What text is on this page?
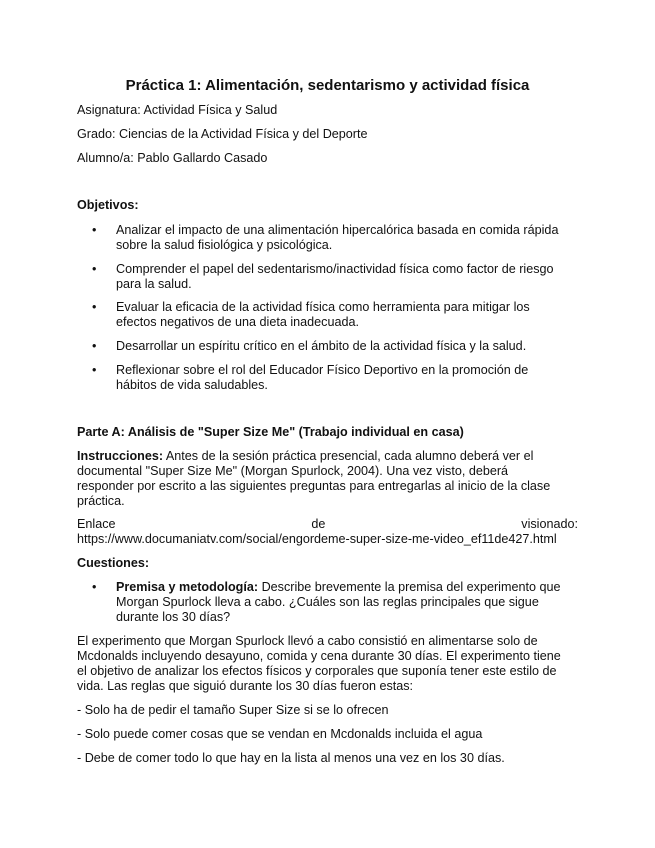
Práctica 1: Alimentación, sedentarismo y actividad física
Asignatura: Actividad Física y Salud
Grado: Ciencias de la Actividad Física y del Deporte
Alumno/a: Pablo Gallardo Casado
Objetivos:
• Analizar el impacto de una alimentación hipercalórica basada en comida rápida
sobre la salud fisiológica y psicológica.
• Comprender el papel del sedentarismo/inactividad física como factor de riesgo
para la salud.
• Evaluar la eficacia de la actividad física como herramienta para mitigar los
efectos negativos de una dieta inadecuada.
• Desarrollar un espíritu crítico en el ámbito de la actividad física y la salud.
• Reflexionar sobre el rol del Educador Físico Deportivo en la promoción de
hábitos de vida saludables.
Parte A: Análisis de "Super Size Me" (Trabajo individual en casa)
Instrucciones: Antes de la sesión práctica presencial, cada alumno deberá ver el
documental "Super Size Me" (Morgan Spurlock, 2004). Una vez visto, deberá
responder por escrito a las siguientes preguntas para entregarlas al inicio de la clase
práctica.
Enlace	de	visionado:
https://www.documaniatv.com/social/engordeme-super-size-me-video_ef11de427.html
Cuestiones:
• Premisa y metodología: Describe brevemente la premisa del experimento que
Morgan Spurlock lleva a cabo. ¿Cuáles son las reglas principales que sigue
durante los 30 días?
El experimento que Morgan Spurlock llevó a cabo consistió en alimentarse solo de
Mcdonalds incluyendo desayuno, comida y cena durante 30 días. El experimento tiene
el objetivo de analizar los efectos físicos y corporales que suponía tener este estilo de
vida. Las reglas que siguió durante los 30 días fueron estas:
- Solo ha de pedir el tamaño Super Size si se lo ofrecen
- Solo puede comer cosas que se vendan en Mcdonalds incluida el agua
- Debe de comer todo lo que hay en la lista al menos una vez en los 30 días.
